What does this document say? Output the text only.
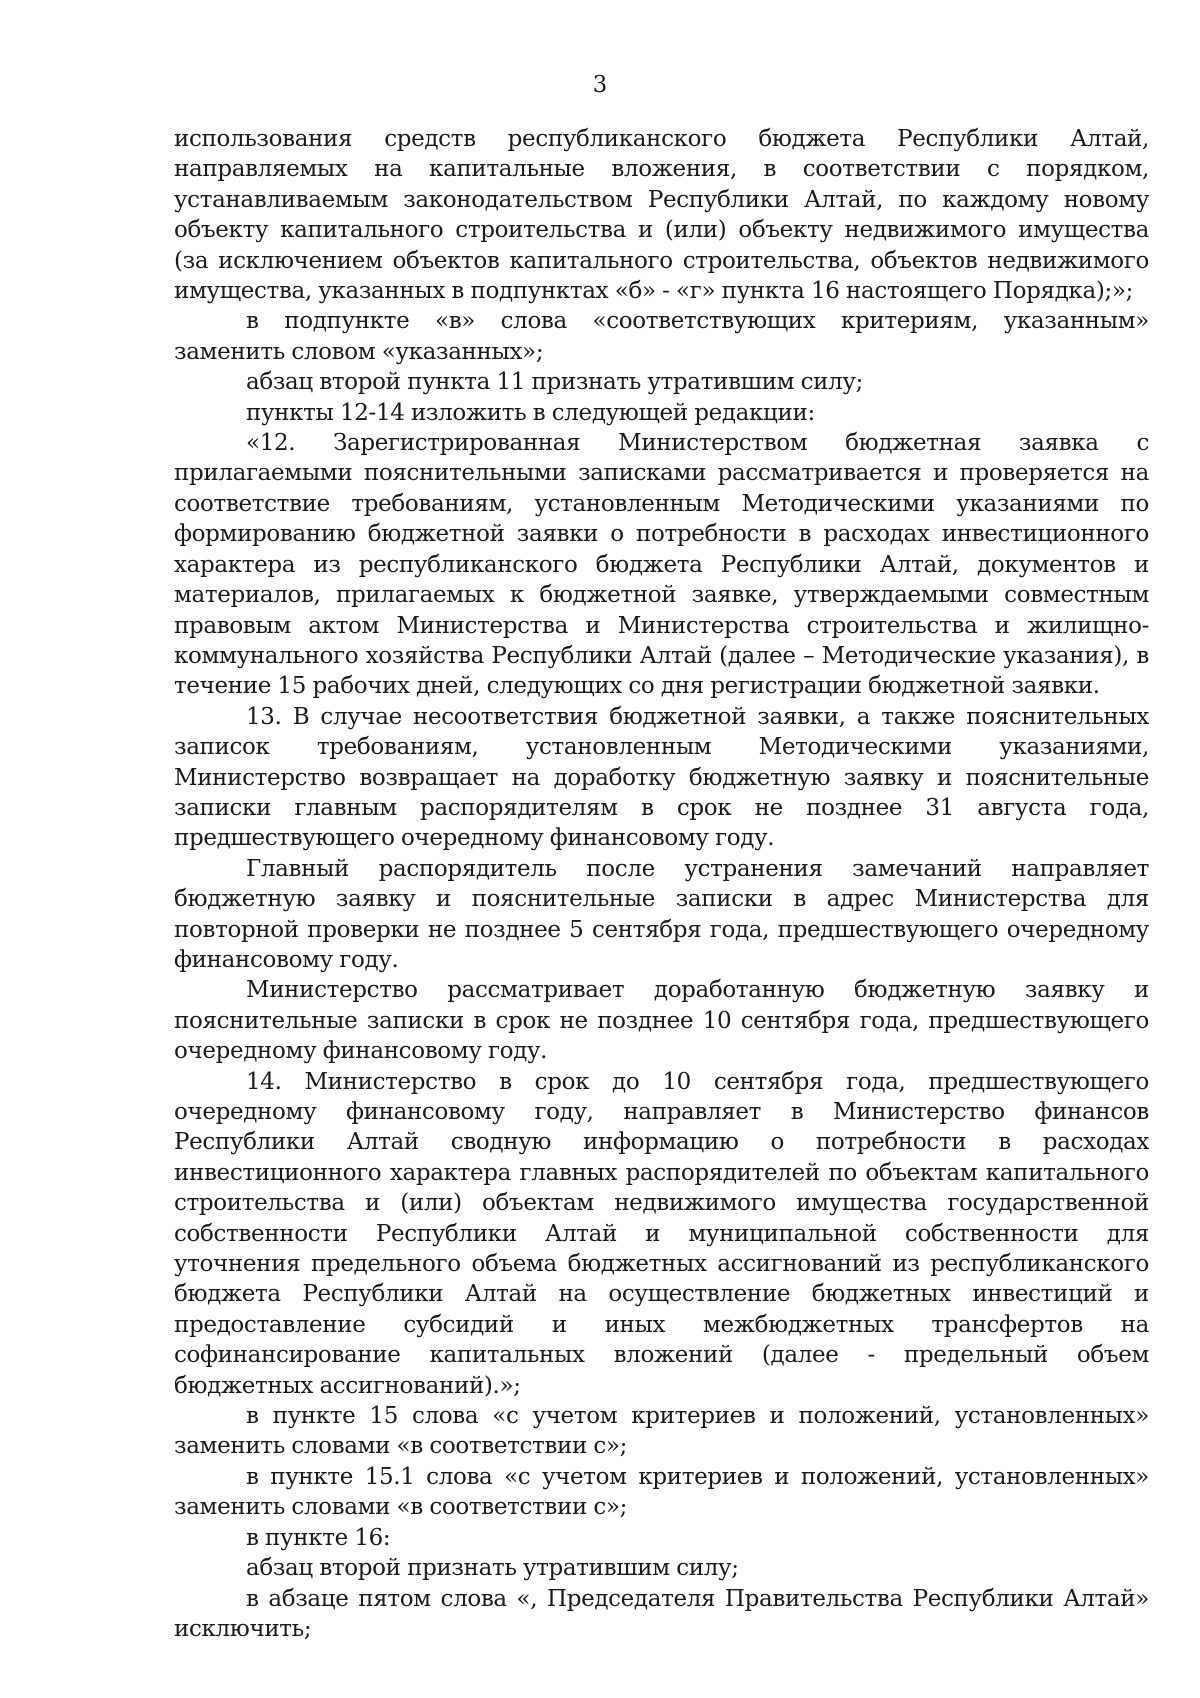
3

использования средств республиканского бюджета Республики Алтай, направляемых на капитальные вложения, в соответствии с порядком, устанавливаемым законодательством Республики Алтай, по каждому новому объекту капитального строительства и (или) объекту недвижимого имущества (за исключением объектов капитального строительства, объектов недвижимого имущества, указанных в подпунктах «б» - «г» пункта 16 настоящего Порядка);»;

в подпункте «в» слова «соответствующих критериям, указанным» заменить словом «указанных»;

абзац второй пункта 11 признать утратившим силу;

пункты 12-14 изложить в следующей редакции:

«12. Зарегистрированная Министерством бюджетная заявка с прилагаемыми пояснительными записками рассматривается и проверяется на соответствие требованиям, установленным Методическими указаниями по формированию бюджетной заявки о потребности в расходах инвестиционного характера из республиканского бюджета Республики Алтай, документов и материалов, прилагаемых к бюджетной заявке, утверждаемыми совместным правовым актом Министерства и Министерства строительства и жилищно-коммунального хозяйства Республики Алтай (далее – Методические указания), в течение 15 рабочих дней, следующих со дня регистрации бюджетной заявки.

13. В случае несоответствия бюджетной заявки, а также пояснительных записок требованиям, установленным Методическими указаниями, Министерство возвращает на доработку бюджетную заявку и пояснительные записки главным распорядителям в срок не позднее 31 августа года, предшествующего очередному финансовому году.

Главный распорядитель после устранения замечаний направляет бюджетную заявку и пояснительные записки в адрес Министерства для повторной проверки не позднее 5 сентября года, предшествующего очередному финансовому году.

Министерство рассматривает доработанную бюджетную заявку и пояснительные записки в срок не позднее 10 сентября года, предшествующего очередному финансовому году.

14. Министерство в срок до 10 сентября года, предшествующего очередному финансовому году, направляет в Министерство финансов Республики Алтай сводную информацию о потребности в расходах инвестиционного характера главных распорядителей по объектам капитального строительства и (или) объектам недвижимого имущества государственной собственности Республики Алтай и муниципальной собственности для уточнения предельного объема бюджетных ассигнований из республиканского бюджета Республики Алтай на осуществление бюджетных инвестиций и предоставление субсидий и иных межбюджетных трансфертов на софинансирование капитальных вложений (далее - предельный объем бюджетных ассигнований).»;

в пункте 15 слова «с учетом критериев и положений, установленных» заменить словами «в соответствии с»;

в пункте 15.1 слова «с учетом критериев и положений, установленных» заменить словами «в соответствии с»;

в пункте 16:

абзац второй признать утратившим силу;

в абзаце пятом слова «, Председателя Правительства Республики Алтай» исключить;
